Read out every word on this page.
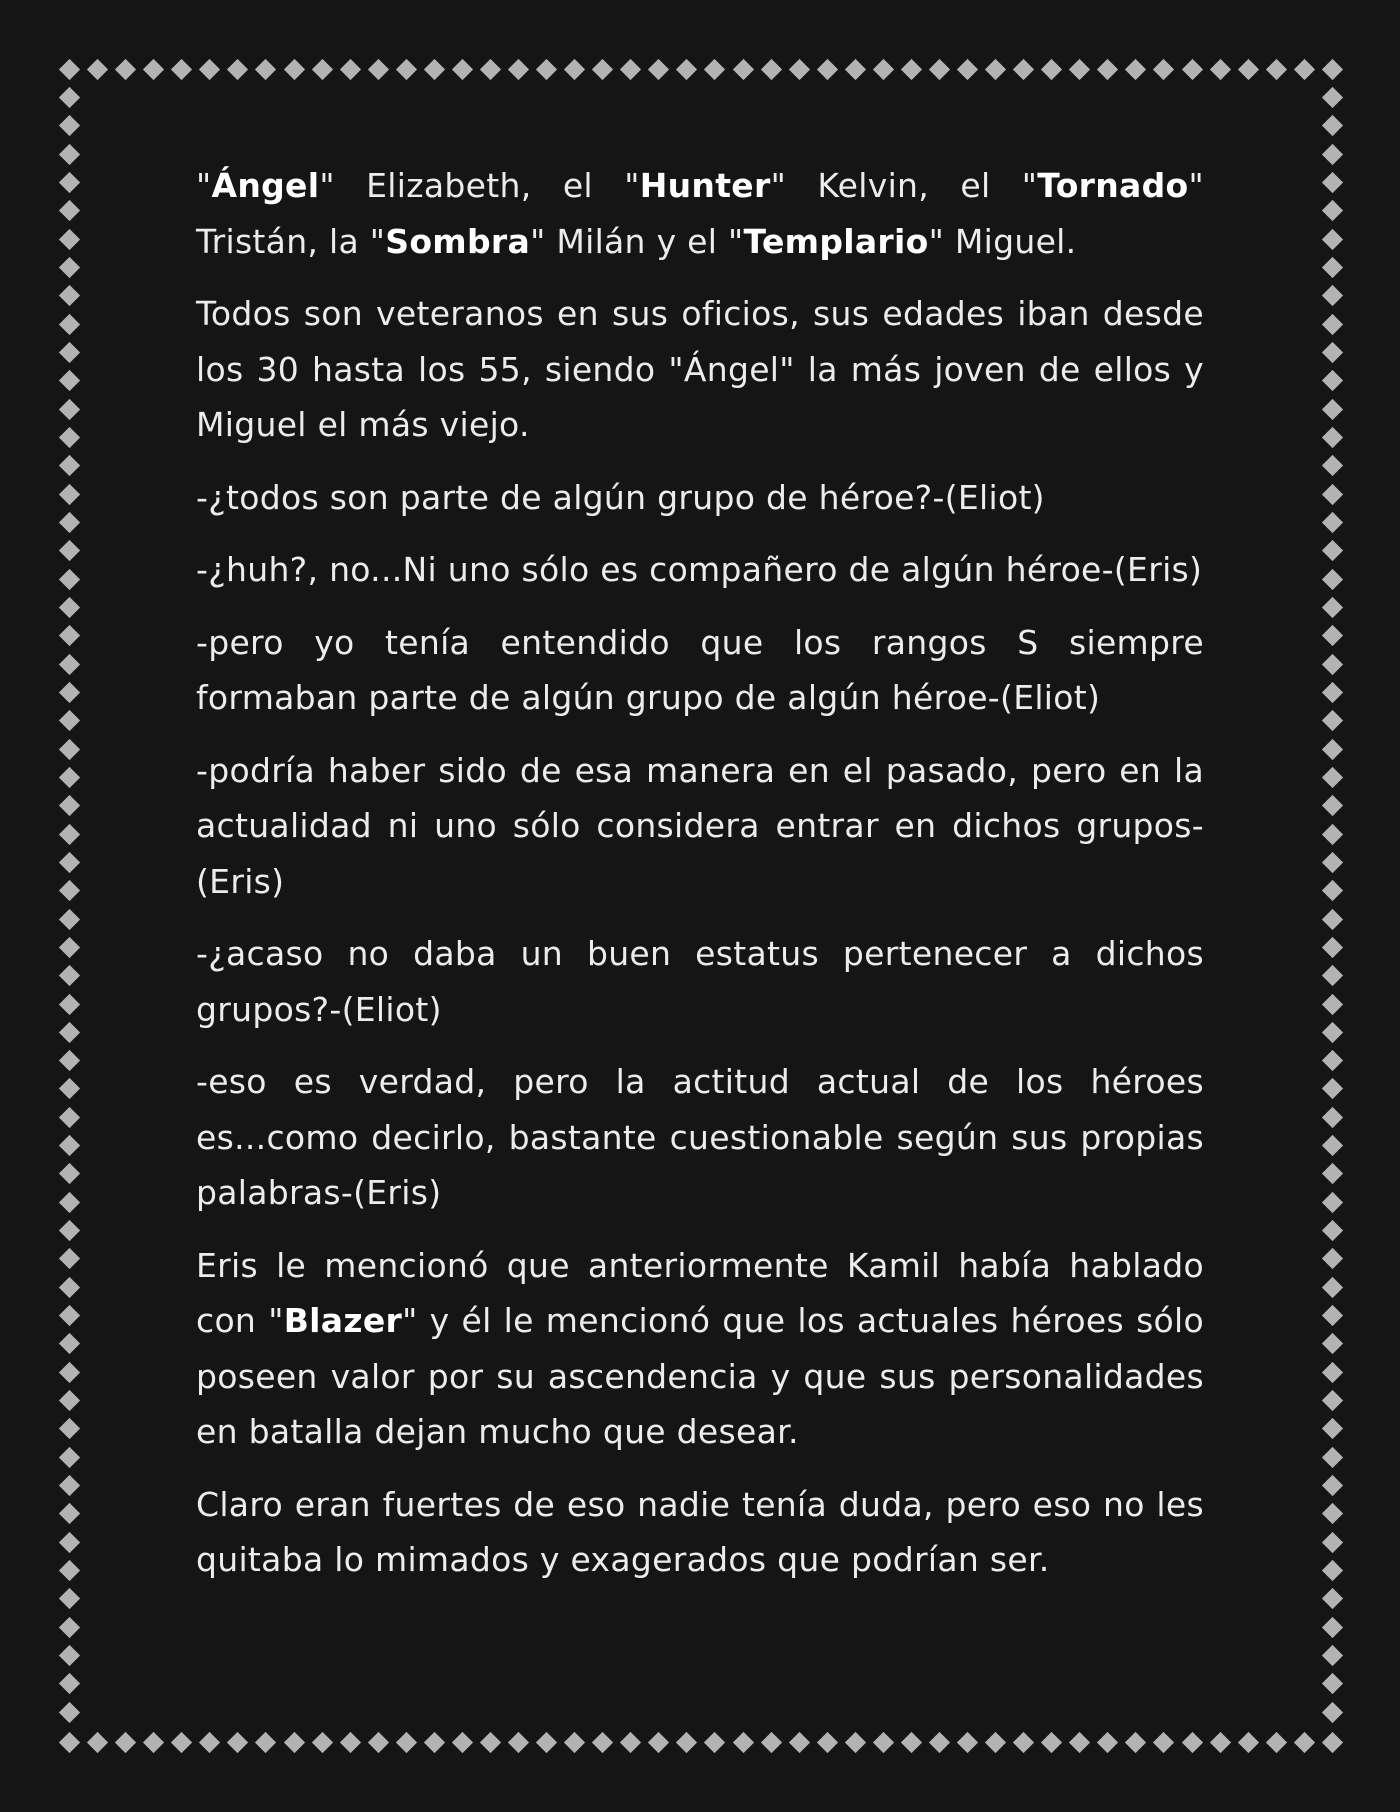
"Ángel" Elizabeth, el "Hunter" Kelvin, el "Tornado" Tristán, la "Sombra" Milán y el "Templario" Miguel.

Todos son veteranos en sus oficios, sus edades iban desde los 30 hasta los 55, siendo "Ángel" la más joven de ellos y Miguel el más viejo.

-¿todos son parte de algún grupo de héroe?-(Eliot)

-¿huh?, no...Ni uno sólo es compañero de algún héroe-(Eris)

-pero yo tenía entendido que los rangos S siempre formaban parte de algún grupo de algún héroe-(Eliot)

-podría haber sido de esa manera en el pasado, pero en la actualidad ni uno sólo considera entrar en dichos grupos-(Eris)

-¿acaso no daba un buen estatus pertenecer a dichos grupos?-(Eliot)

-eso es verdad, pero la actitud actual de los héroes es...como decirlo, bastante cuestionable según sus propias palabras-(Eris)

Eris le mencionó que anteriormente Kamil había hablado con "Blazer" y él le mencionó que los actuales héroes sólo poseen valor por su ascendencia y que sus personalidades en batalla dejan mucho que desear.

Claro eran fuertes de eso nadie tenía duda, pero eso no les quitaba lo mimados y exagerados que podrían ser.
